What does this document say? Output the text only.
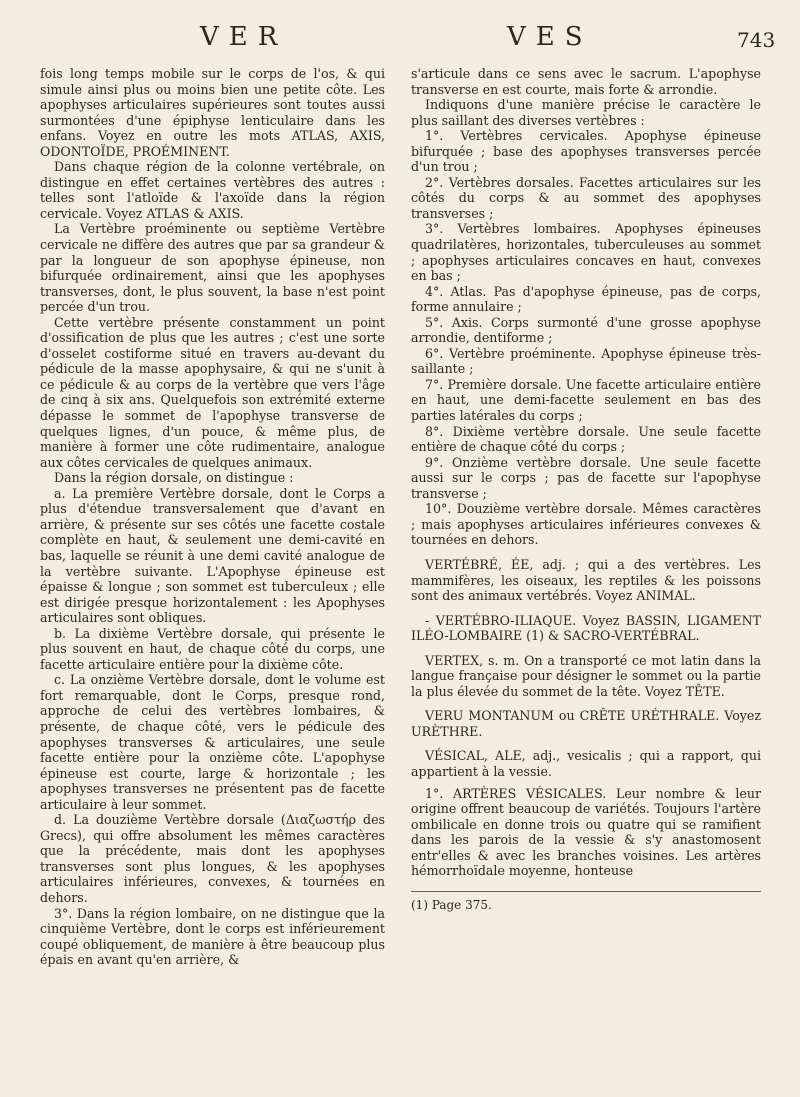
VER	VES	743

fois long temps mobile sur le corps de l'os, & qui simule ainsi plus ou moins bien une petite côte. Les apophyses articulaires supérieures sont toutes aussi surmontées d'une épiphyse lenticulaire dans les enfans. Voyez en outre les mots ATLAS, AXIS, ODONTOÏDE, PROÉMINENT.

Dans chaque région de la colonne vertébrale, on distingue en effet certaines vertèbres des autres : telles sont l'atloïde & l'axoïde dans la région cervicale. Voyez ATLAS & AXIS.

La Vertèbre proéminente ou septième Vertèbre cervicale ne diffère des autres que par sa grandeur & par la longueur de son apophyse épineuse, non bifurquée ordinairement, ainsi que les apophyses transverses, dont, le plus souvent, la base n'est point percée d'un trou.

Cette vertèbre présente constamment un point d'ossification de plus que les autres ; c'est une sorte d'osselet costiforme situé en travers au-devant du pédicule de la masse apophysaire, & qui ne s'unit à ce pédicule & au corps de la vertèbre que vers l'âge de cinq à six ans. Quelquefois son extrémité externe dépasse le sommet de l'apophyse transverse de quelques lignes, d'un pouce, & même plus, de manière à former une côte rudimentaire, analogue aux côtes cervicales de quelques animaux.

Dans la région dorsale, on distingue :

a. La première Vertèbre dorsale, dont le Corps a plus d'étendue transversalement que d'avant en arrière, & présente sur ses côtés une facette costale complète en haut, & seulement une demi-cavité en bas, laquelle se réunit à une demi cavité analogue de la vertèbre suivante. L'Apophyse épineuse est épaisse & longue ; son sommet est tuberculeux ; elle est dirigée presque horizontalement : les Apophyses articulaires sont obliques.

b. La dixième Vertèbre dorsale, qui présente le plus souvent en haut, de chaque côté du corps, une facette articulaire entière pour la dixième côte.

c. La onzième Vertèbre dorsale, dont le volume est fort remarquable, dont le Corps, presque rond, approche de celui des vertèbres lombaires, & présente, de chaque côté, vers le pédicule des apophyses transverses & articulaires, une seule facette entière pour la onzième côte. L'apophyse épineuse est courte, large & horizontale ; les apophyses transverses ne présentent pas de facette articulaire à leur sommet.

d. La douzième Vertèbre dorsale (Διαζωστήρ des Grecs), qui offre absolument les mêmes caractères que la précédente, mais dont les apophyses transverses sont plus longues, & les apophyses articulaires inférieures, convexes, & tournées en dehors.

3°. Dans la région lombaire, on ne distingue que la cinquième Vertèbre, dont le corps est inférieurement coupé obliquement, de manière à être beaucoup plus épais en avant qu'en arrière, &

s'articule dans ce sens avec le sacrum. L'apophyse transverse en est courte, mais forte & arrondie.

Indiquons d'une manière précise le caractère le plus saillant des diverses vertèbres :

1°. Vertèbres cervicales. Apophyse épineuse bifurquée ; base des apophyses transverses percée d'un trou ;

2°. Vertèbres dorsales. Facettes articulaires sur les côtés du corps & au sommet des apophyses transverses ;

3°. Vertèbres lombaires. Apophyses épineuses quadrilatères, horizontales, tuberculeuses au sommet ; apophyses articulaires concaves en haut, convexes en bas ;

4°. Atlas. Pas d'apophyse épineuse, pas de corps, forme annulaire ;

5°. Axis. Corps surmonté d'une grosse apophyse arrondie, dentiforme ;

6°. Vertèbre proéminente. Apophyse épineuse très-saillante ;

7°. Première dorsale. Une facette articulaire entière en haut, une demi-facette seulement en bas des parties latérales du corps ;

8°. Dixième vertèbre dorsale. Une seule facette entière de chaque côté du corps ;

9°. Onzième vertèbre dorsale. Une seule facette aussi sur le corps ; pas de facette sur l'apophyse transverse ;

10°. Douzième vertèbre dorsale. Mêmes caractères ; mais apophyses articulaires inférieures convexes & tournées en dehors.

VERTÉBRÉ, ÉE, adj. ; qui a des vertèbres. Les mammifères, les oiseaux, les reptiles & les poissons sont des animaux vertébrés. Voyez ANIMAL.

- VERTÉBRO-ILIAQUE. Voyez BASSIN, LIGAMENT ILÉO-LOMBAIRE (1) & SACRO-VERTÉBRAL.

VERTEX, s. m. On a transporté ce mot latin dans la langue française pour désigner le sommet ou la partie la plus élevée du sommet de la tête. Voyez TÊTE.

VERU MONTANUM ou CRÊTE URÉTHRALE. Voyez URÈTHRE.

VÉSICAL, ALE, adj., vesicalis ; qui a rapport, qui appartient à la vessie.

1°. ARTÈRES VÉSICALES. Leur nombre & leur origine offrent beaucoup de variétés. Toujours l'artère ombilicale en donne trois ou quatre qui se ramifient dans les parois de la vessie & s'y anastomosent entr'elles & avec les branches voisines. Les artères hémorrhoïdale moyenne, honteuse

(1) Page 375.
